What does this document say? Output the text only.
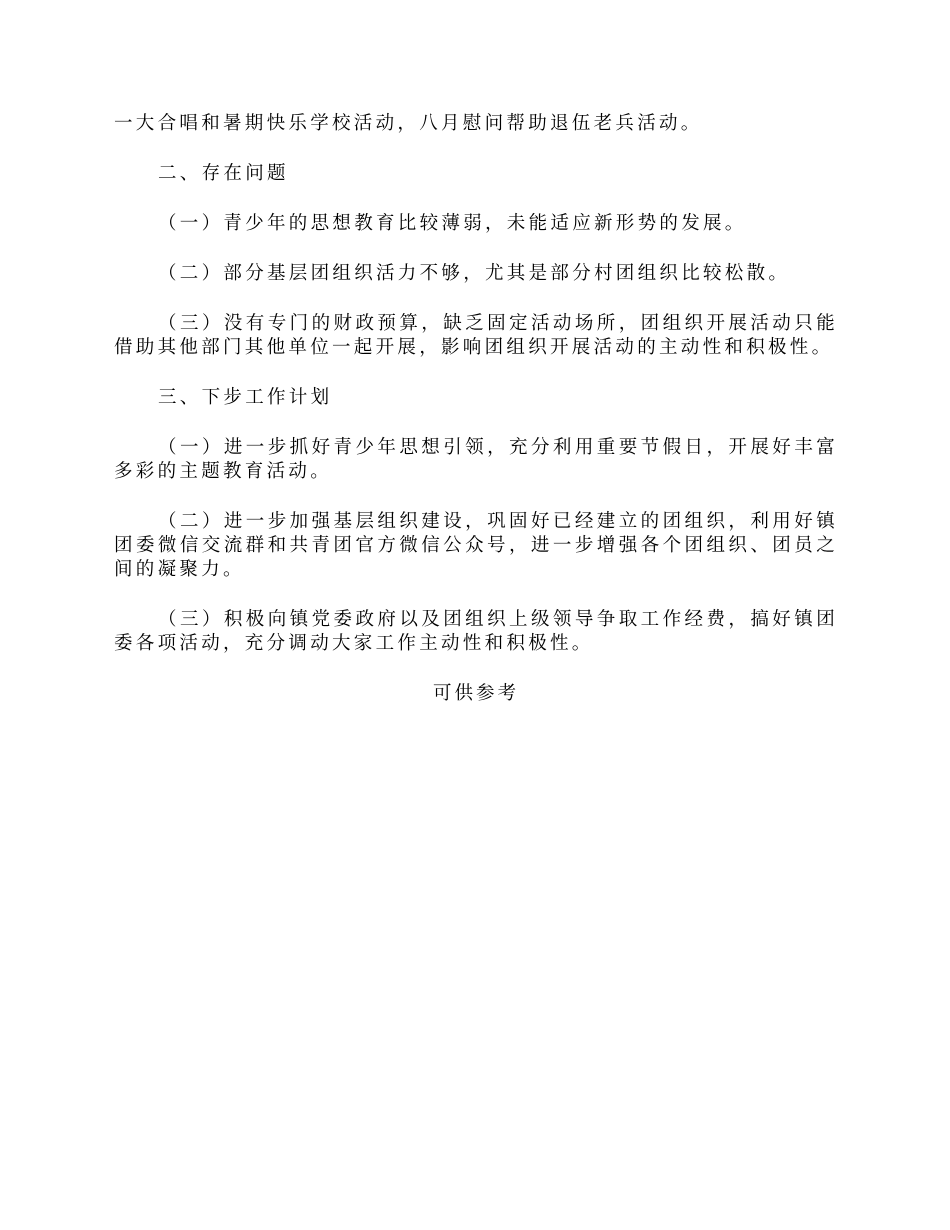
一大合唱和暑期快乐学校活动，八月慰问帮助退伍老兵活动。

二、存在问题

（一）青少年的思想教育比较薄弱，未能适应新形势的发展。

（二）部分基层团组织活力不够，尤其是部分村团组织比较松散。

（三）没有专门的财政预算，缺乏固定活动场所，团组织开展活动只能借助其他部门其他单位一起开展，影响团组织开展活动的主动性和积极性。

三、下步工作计划

（一）进一步抓好青少年思想引领，充分利用重要节假日，开展好丰富多彩的主题教育活动。

（二）进一步加强基层组织建设，巩固好已经建立的团组织，利用好镇团委微信交流群和共青团官方微信公众号，进一步增强各个团组织、团员之间的凝聚力。

（三）积极向镇党委政府以及团组织上级领导争取工作经费，搞好镇团委各项活动，充分调动大家工作主动性和积极性。

可供参考
